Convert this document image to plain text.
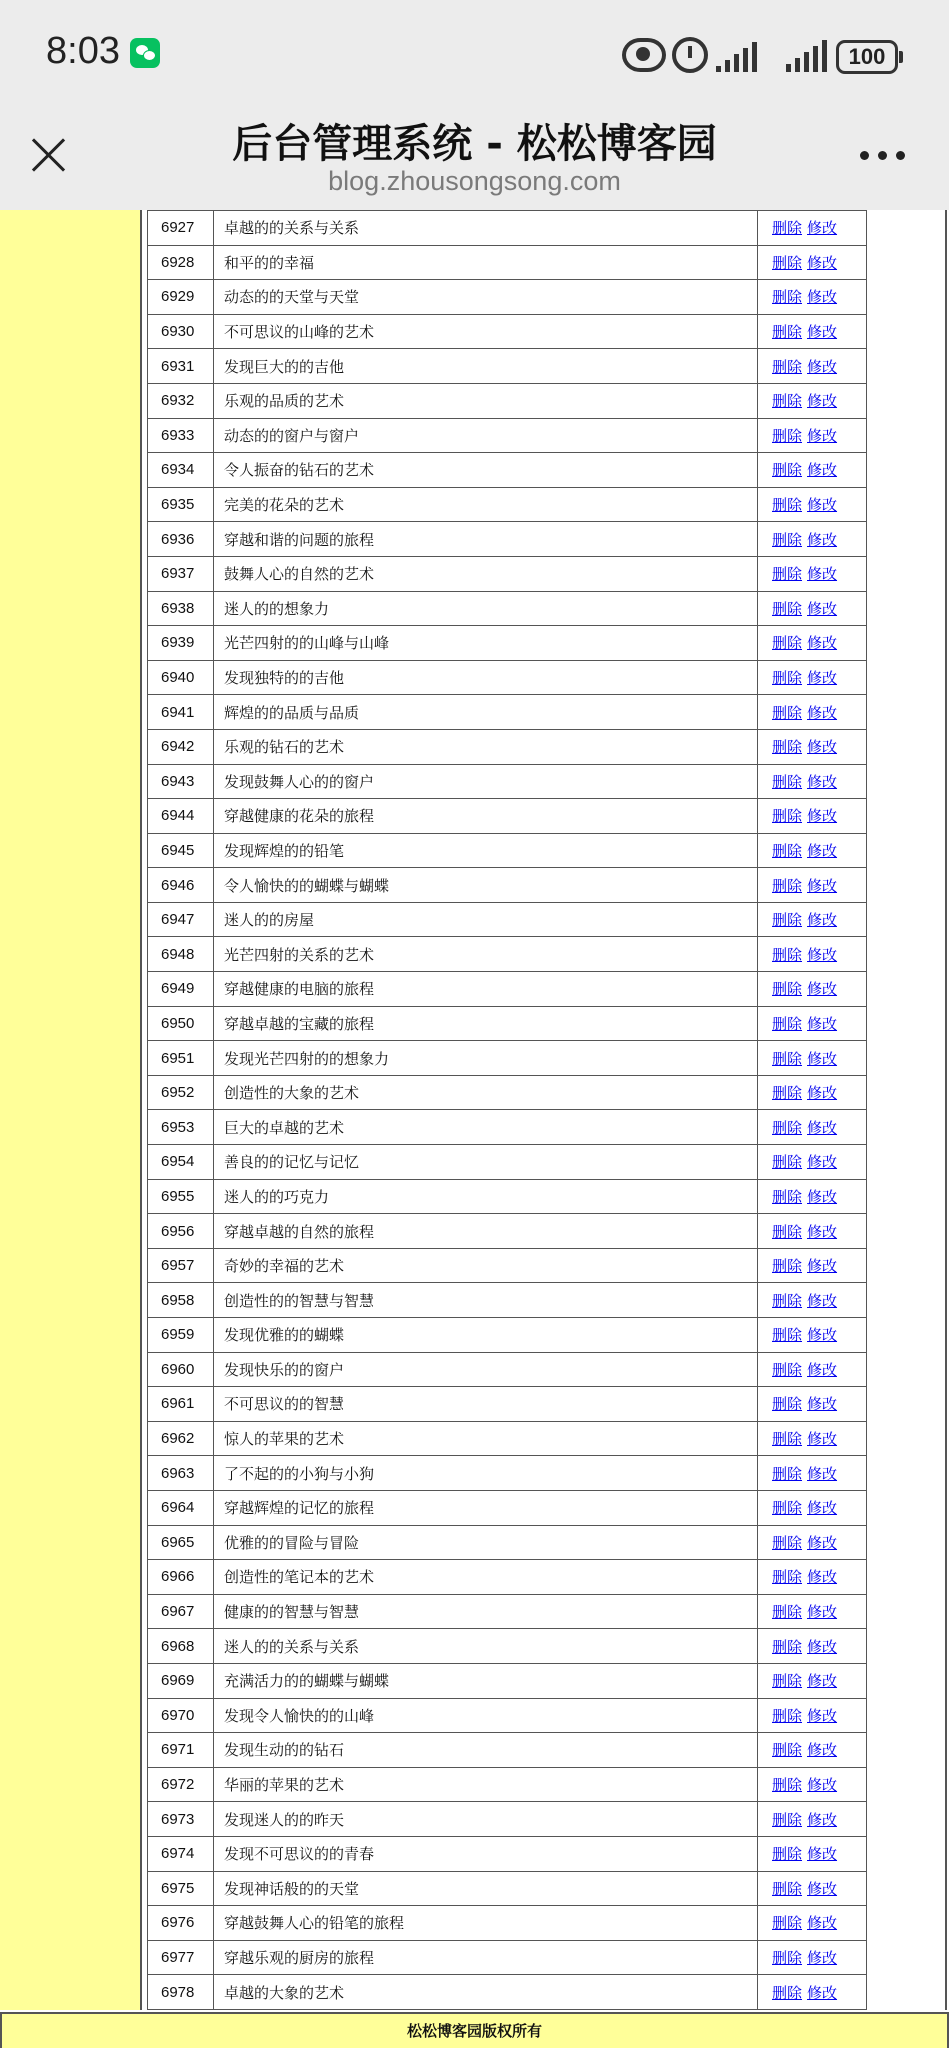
8:03	100
后台管理系统 - 松松博客园
blog.zhousongsong.com
6927	卓越的的关系与关系	删除 修改
6928	和平的的幸福	删除 修改
6929	动态的的天堂与天堂	删除 修改
6930	不可思议的山峰的艺术	删除 修改
6931	发现巨大的的吉他	删除 修改
6932	乐观的品质的艺术	删除 修改
6933	动态的的窗户与窗户	删除 修改
6934	令人振奋的钻石的艺术	删除 修改
6935	完美的花朵的艺术	删除 修改
6936	穿越和谐的问题的旅程	删除 修改
6937	鼓舞人心的自然的艺术	删除 修改
6938	迷人的的想象力	删除 修改
6939	光芒四射的的山峰与山峰	删除 修改
6940	发现独特的的吉他	删除 修改
6941	辉煌的的品质与品质	删除 修改
6942	乐观的钻石的艺术	删除 修改
6943	发现鼓舞人心的的窗户	删除 修改
6944	穿越健康的花朵的旅程	删除 修改
6945	发现辉煌的的铅笔	删除 修改
6946	令人愉快的的蝴蝶与蝴蝶	删除 修改
6947	迷人的的房屋	删除 修改
6948	光芒四射的关系的艺术	删除 修改
6949	穿越健康的电脑的旅程	删除 修改
6950	穿越卓越的宝藏的旅程	删除 修改
6951	发现光芒四射的的想象力	删除 修改
6952	创造性的大象的艺术	删除 修改
6953	巨大的卓越的艺术	删除 修改
6954	善良的的记忆与记忆	删除 修改
6955	迷人的的巧克力	删除 修改
6956	穿越卓越的自然的旅程	删除 修改
6957	奇妙的幸福的艺术	删除 修改
6958	创造性的的智慧与智慧	删除 修改
6959	发现优雅的的蝴蝶	删除 修改
6960	发现快乐的的窗户	删除 修改
6961	不可思议的的智慧	删除 修改
6962	惊人的苹果的艺术	删除 修改
6963	了不起的的小狗与小狗	删除 修改
6964	穿越辉煌的记忆的旅程	删除 修改
6965	优雅的的冒险与冒险	删除 修改
6966	创造性的笔记本的艺术	删除 修改
6967	健康的的智慧与智慧	删除 修改
6968	迷人的的关系与关系	删除 修改
6969	充满活力的的蝴蝶与蝴蝶	删除 修改
6970	发现令人愉快的的山峰	删除 修改
6971	发现生动的的钻石	删除 修改
6972	华丽的苹果的艺术	删除 修改
6973	发现迷人的的昨天	删除 修改
6974	发现不可思议的的青春	删除 修改
6975	发现神话般的的天堂	删除 修改
6976	穿越鼓舞人心的铅笔的旅程	删除 修改
6977	穿越乐观的厨房的旅程	删除 修改
6978	卓越的大象的艺术	删除 修改
松松博客园版权所有
